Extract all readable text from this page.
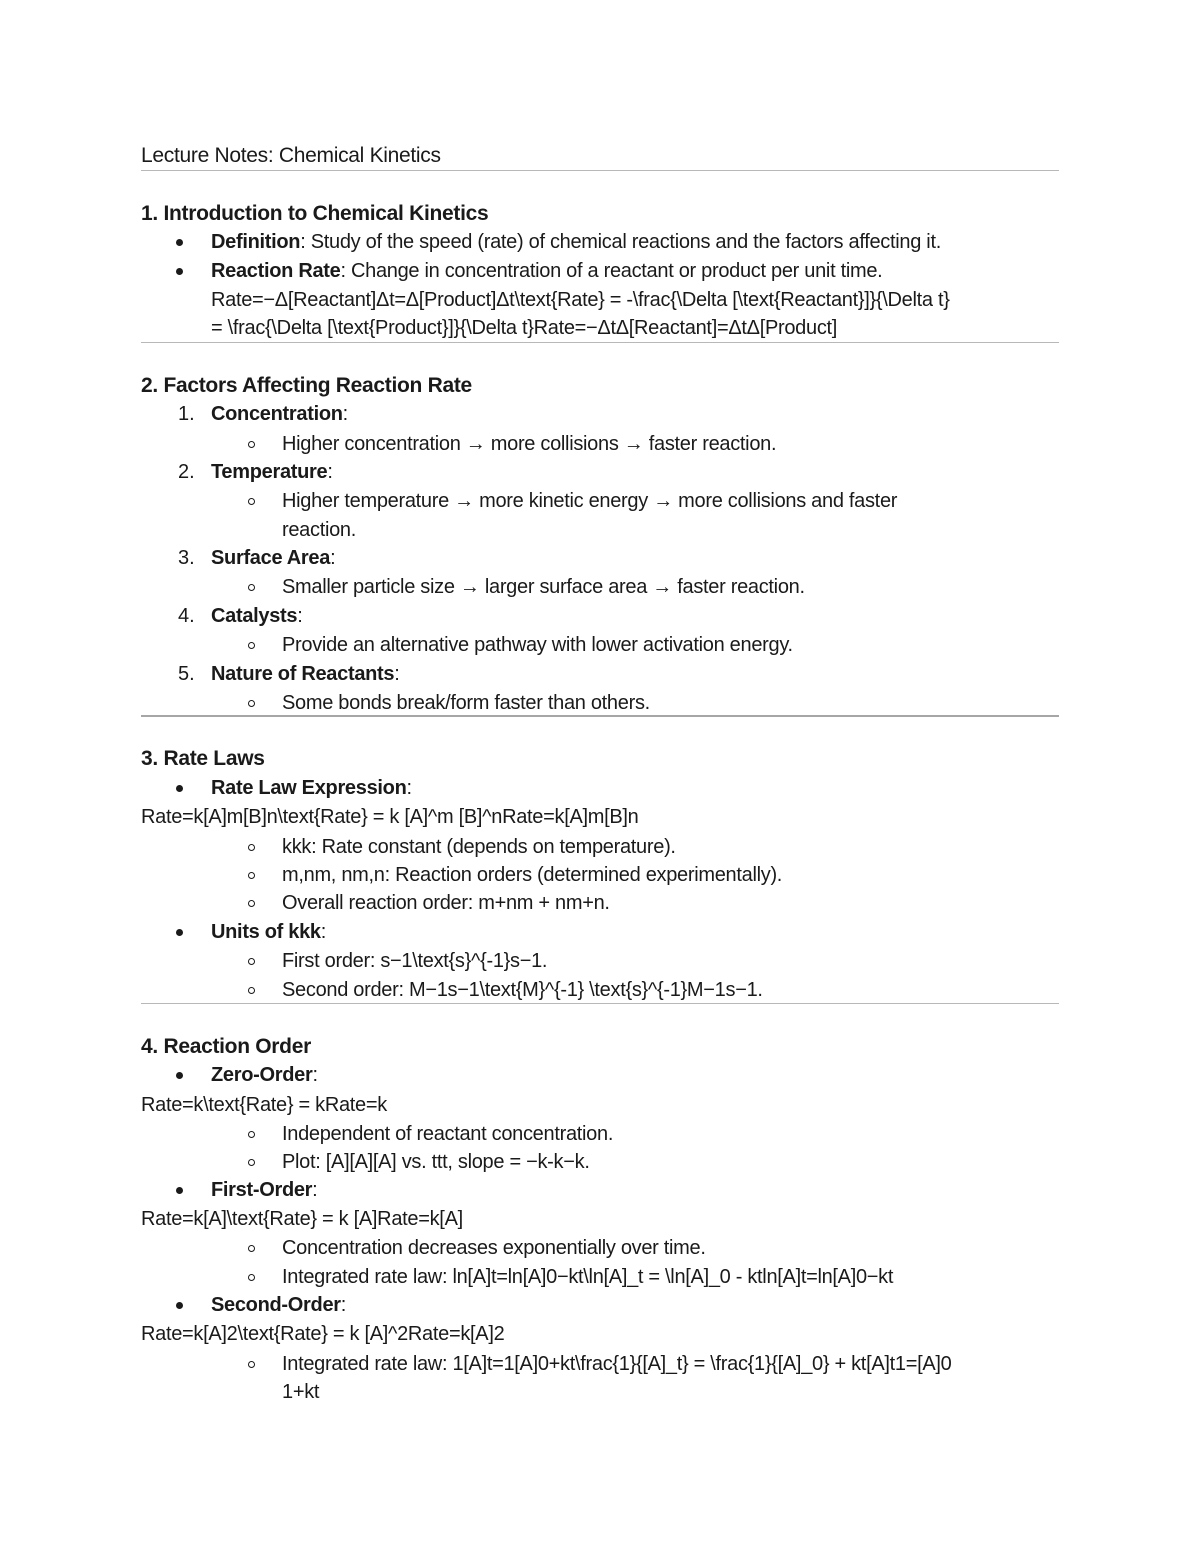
Lecture Notes: Chemical Kinetics
1. Introduction to Chemical Kinetics
Definition: Study of the speed (rate) of chemical reactions and the factors affecting it.
Reaction Rate: Change in concentration of a reactant or product per unit time.
Rate=−Δ[Reactant]Δt=Δ[Product]Δt\text{Rate} = -\frac{\Delta [\text{Reactant}]}{\Delta t}
= \frac{\Delta [\text{Product}]}{\Delta t}Rate=−ΔtΔ[Reactant]=ΔtΔ[Product]
2. Factors Affecting Reaction Rate
1. Concentration:
Higher concentration → more collisions → faster reaction.
2. Temperature:
Higher temperature → more kinetic energy → more collisions and faster
reaction.
3. Surface Area:
Smaller particle size → larger surface area → faster reaction.
4. Catalysts:
Provide an alternative pathway with lower activation energy.
5. Nature of Reactants:
Some bonds break/form faster than others.
3. Rate Laws
Rate Law Expression:
Rate=k[A]m[B]n\text{Rate} = k [A]^m [B]^nRate=k[A]m[B]n
kkk: Rate constant (depends on temperature).
m,nm, nm,n: Reaction orders (determined experimentally).
Overall reaction order: m+nm + nm+n.
Units of kkk:
First order: s−1\text{s}^{-1}s−1.
Second order: M−1s−1\text{M}^{-1} \text{s}^{-1}M−1s−1.
4. Reaction Order
Zero-Order:
Rate=k\text{Rate} = kRate=k
Independent of reactant concentration.
Plot: [A][A][A] vs. ttt, slope = −k-k−k.
First-Order:
Rate=k[A]\text{Rate} = k [A]Rate=k[A]
Concentration decreases exponentially over time.
Integrated rate law: ln[A]t=ln[A]0−kt\ln[A]_t = \ln[A]_0 - ktln[A]t​=ln[A]0​−kt
Second-Order:
Rate=k[A]2\text{Rate} = k [A]^2Rate=k[A]2
Integrated rate law: 1[A]t=1[A]0+kt\frac{1}{[A]_t} = \frac{1}{[A]_0} + kt[A]t​1​=[A]0
​1​+kt
